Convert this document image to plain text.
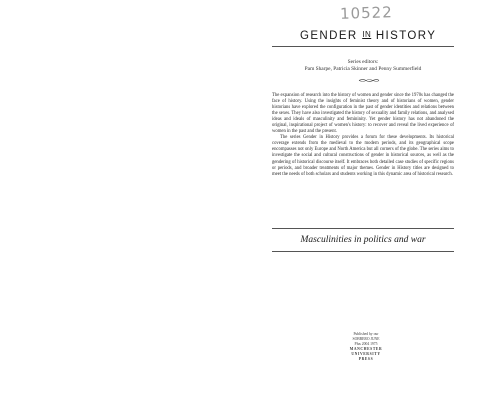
10522
GENDER IN HISTORY
Series editors:
Pam Sharpe, Patricia Skinner and Penny Summerfield

The expansion of research into the history of women and gender since the 1970s has changed the face of history. Using the insights of feminist theory and of historians of women, gender historians have explored the configuration in the past of gender identities and relations between the sexes. They have also investigated the history of sexuality and family relations, and analysed ideas and ideals of masculinity and femininity. Yet gender history has not abandoned the original, inspirational project of women's history: to recover and reveal the lived experience of women in the past and the present.

The series Gender in History provides a forum for these developments. Its historical coverage extends from the medieval to the modern periods, and its geographical scope encompasses not only Europe and North America but all corners of the globe. The series aims to investigate the social and cultural constructions of gender in historical sources, as well as the gendering of historical discourse itself. It embraces both detailed case studies of specific regions or periods, and broader treatments of major themes. Gender in History titles are designed to meet the needs of both scholars and students working in this dynamic area of historical research.

Masculinities in politics and war
Published by our
SOBRERO JUNE
Plus 2004 1975
MANCHESTER
UNIVERSITY
PRESS
